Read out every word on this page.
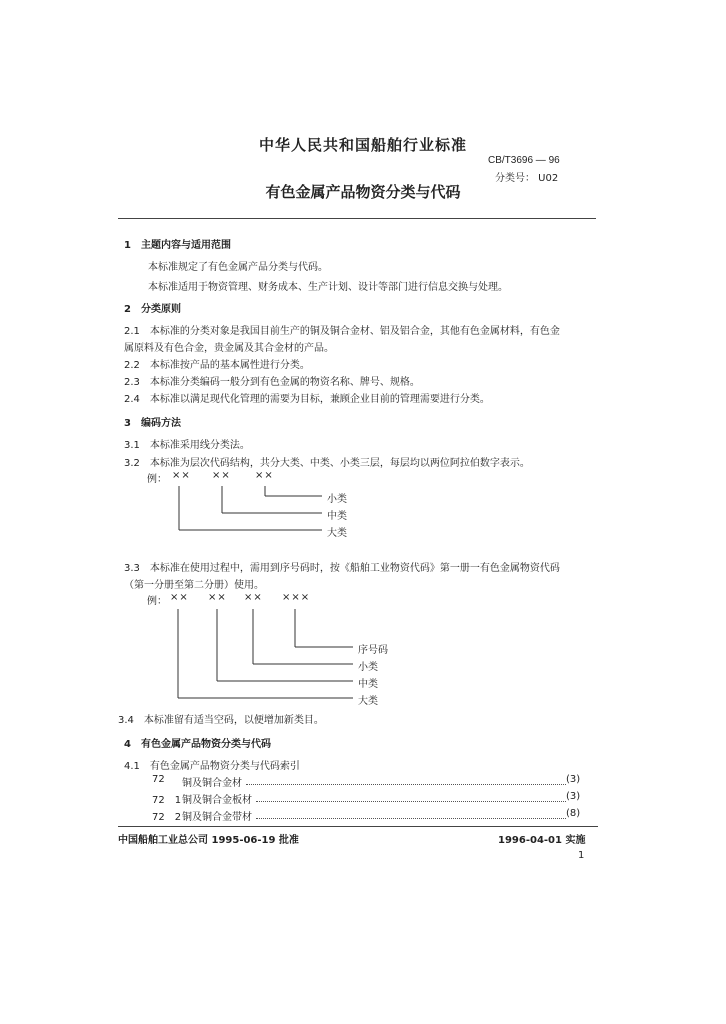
中华人民共和国船舶行业标准
CB/T3696 — 96
分类号： U02
有色金属产品物资分类与代码
1　主题内容与适用范围
本标准规定了有色金属产品分类与代码。
本标准适用于物资管理、财务成本、生产计划、设计等部门进行信息交换与处理。
2　分类原则
2.1　本标准的分类对象是我国目前生产的铜及铜合金材、铝及铝合金，其他有色金属材料，有色金
属原料及有色合金，贵金属及其合金材的产品。
2.2　本标准按产品的基本属性进行分类。
2.3　本标准分类编码一般分到有色金属的物资名称、牌号、规格。
2.4　本标准以满足现代化管理的需要为目标，兼顾企业目前的管理需要进行分类。
3　编码方法
3.1　本标准采用线分类法。
3.2　本标准为层次代码结构，共分大类、中类、小类三层，每层均以两位阿拉伯数字表示。
例： ×× ×× ××
小类
中类
大类
3.3　本标准在使用过程中，需用到序号码时，按《船舶工业物资代码》第一册一有色金属物资代码
（第一分册至第二分册）使用。
例： ×× ×× ×× ×××
序号码
小类
中类
大类
3.4　本标准留有适当空码，以便增加新类目。
4　有色金属产品物资分类与代码
4.1　有色金属产品物资分类与代码索引
72 铜及铜合金材	(3)
72　1 铜及铜合金板材	(3)
72　2 铜及铜合金带材	(8)
中国船舶工业总公司 1995-06-19 批准	1996-04-01 实施
1
